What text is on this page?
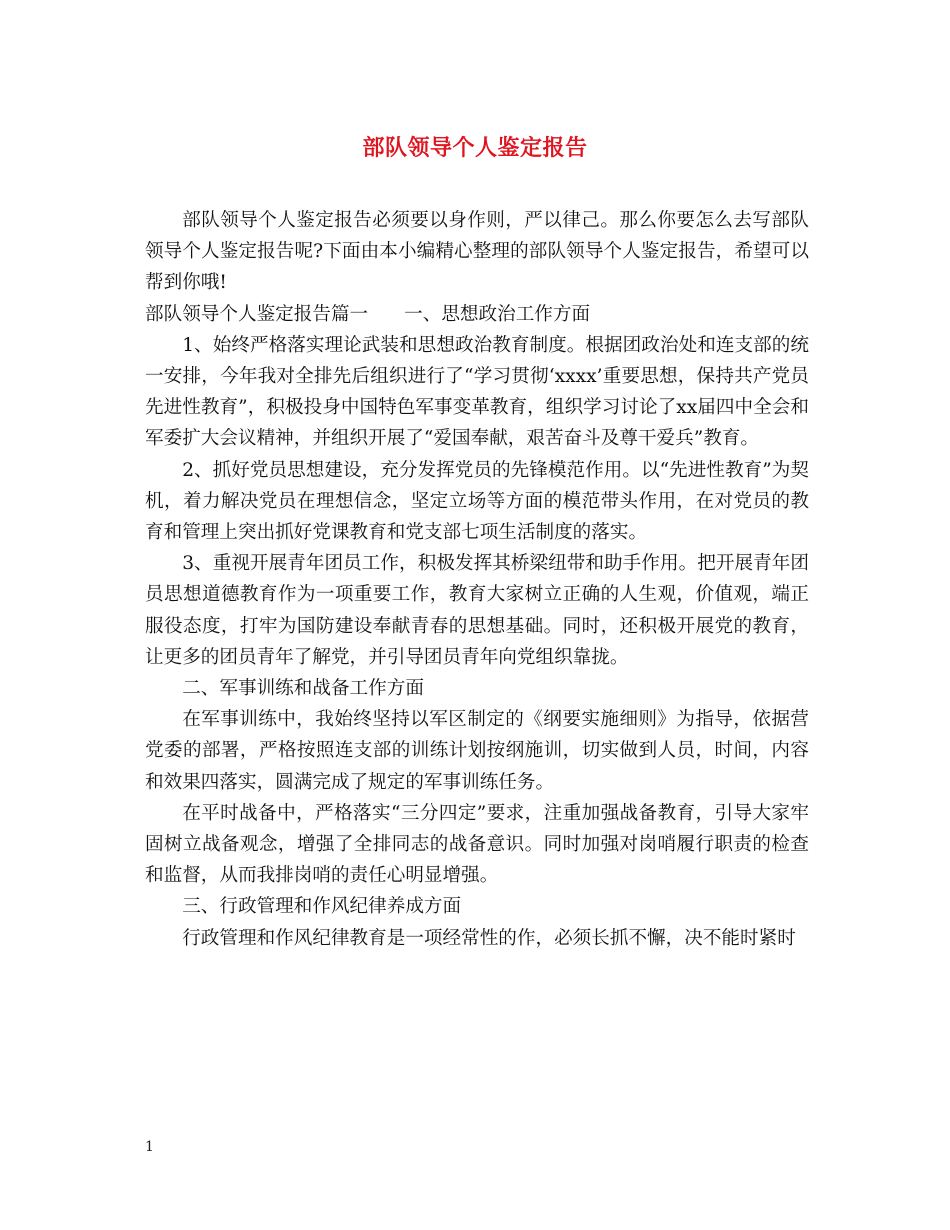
部队领导个人鉴定报告

部队领导个人鉴定报告必须要以身作则，严以律己。那么你要怎么去写部队领导个人鉴定报告呢?下面由本小编精心整理的部队领导个人鉴定报告，希望可以帮到你哦!

部队领导个人鉴定报告篇一 一、思想政治工作方面

1、始终严格落实理论武装和思想政治教育制度。根据团政治处和连支部的统一安排，今年我对全排先后组织进行了“学习贯彻‘xxxx’重要思想，保持共产党员先进性教育”，积极投身中国特色军事变革教育，组织学习讨论了xx届四中全会和军委扩大会议精神，并组织开展了“爱国奉献，艰苦奋斗及尊干爱兵”教育。

2、抓好党员思想建设，充分发挥党员的先锋模范作用。以“先进性教育”为契机，着力解决党员在理想信念，坚定立场等方面的模范带头作用，在对党员的教育和管理上突出抓好党课教育和党支部七项生活制度的落实。

3、重视开展青年团员工作，积极发挥其桥梁纽带和助手作用。把开展青年团员思想道德教育作为一项重要工作，教育大家树立正确的人生观，价值观，端正服役态度，打牢为国防建设奉献青春的思想基础。同时，还积极开展党的教育，让更多的团员青年了解党，并引导团员青年向党组织靠拢。

二、军事训练和战备工作方面

在军事训练中，我始终坚持以军区制定的《纲要实施细则》为指导，依据营党委的部署，严格按照连支部的训练计划按纲施训，切实做到人员，时间，内容和效果四落实，圆满完成了规定的军事训练任务。

在平时战备中，严格落实“三分四定”要求，注重加强战备教育，引导大家牢固树立战备观念，增强了全排同志的战备意识。同时加强对岗哨履行职责的检查和监督，从而我排岗哨的责任心明显增强。

三、行政管理和作风纪律养成方面

行政管理和作风纪律教育是一项经常性的作，必须长抓不懈，决不能时紧时

1
